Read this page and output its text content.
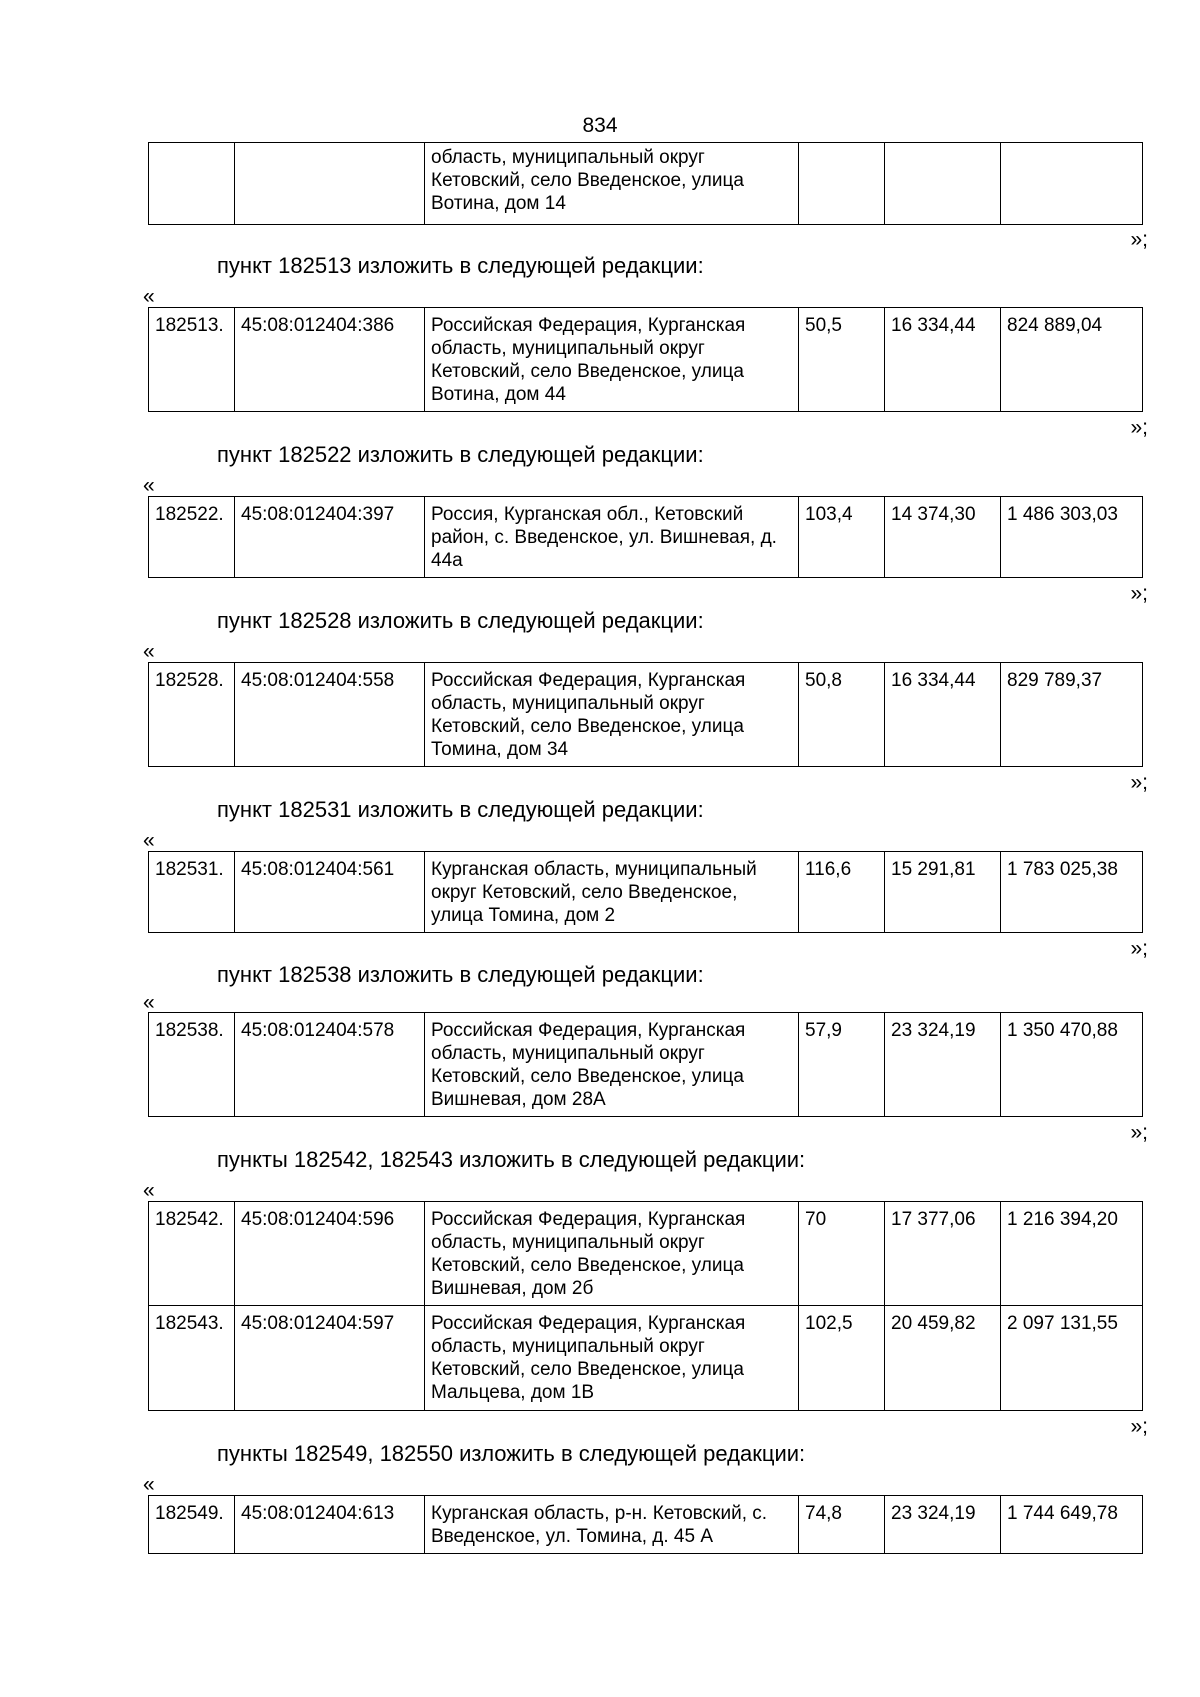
834
		область, муниципальный округ Кетовский, село Введенское, улица Вотина, дом 14			
»;
пункт 182513 изложить в следующей редакции:
«
182513.	45:08:012404:386	Российская Федерация, Курганская область, муниципальный округ Кетовский, село Введенское, улица Вотина, дом 44	50,5	16 334,44	824 889,04
»;
пункт 182522 изложить в следующей редакции:
«
182522.	45:08:012404:397	Россия, Курганская обл., Кетовский район, с. Введенское, ул. Вишневая, д. 44а	103,4	14 374,30	1 486 303,03
»;
пункт 182528 изложить в следующей редакции:
«
182528.	45:08:012404:558	Российская Федерация, Курганская область, муниципальный округ Кетовский, село Введенское, улица Томина, дом 34	50,8	16 334,44	829 789,37
»;
пункт 182531 изложить в следующей редакции:
«
182531.	45:08:012404:561	Курганская область, муниципальный округ Кетовский, село Введенское, улица Томина, дом 2	116,6	15 291,81	1 783 025,38
»;
пункт 182538 изложить в следующей редакции:
«
182538.	45:08:012404:578	Российская Федерация, Курганская область, муниципальный округ Кетовский, село Введенское, улица Вишневая, дом 28А	57,9	23 324,19	1 350 470,88
»;
пункты 182542, 182543 изложить в следующей редакции:
«
182542.	45:08:012404:596	Российская Федерация, Курганская область, муниципальный округ Кетовский, село Введенское, улица Вишневая, дом 2б	70	17 377,06	1 216 394,20
182543.	45:08:012404:597	Российская Федерация, Курганская область, муниципальный округ Кетовский, село Введенское, улица Мальцева, дом 1В	102,5	20 459,82	2 097 131,55
»;
пункты 182549, 182550 изложить в следующей редакции:
«
182549.	45:08:012404:613	Курганская область, р-н. Кетовский, с. Введенское, ул. Томина, д. 45 А	74,8	23 324,19	1 744 649,78
